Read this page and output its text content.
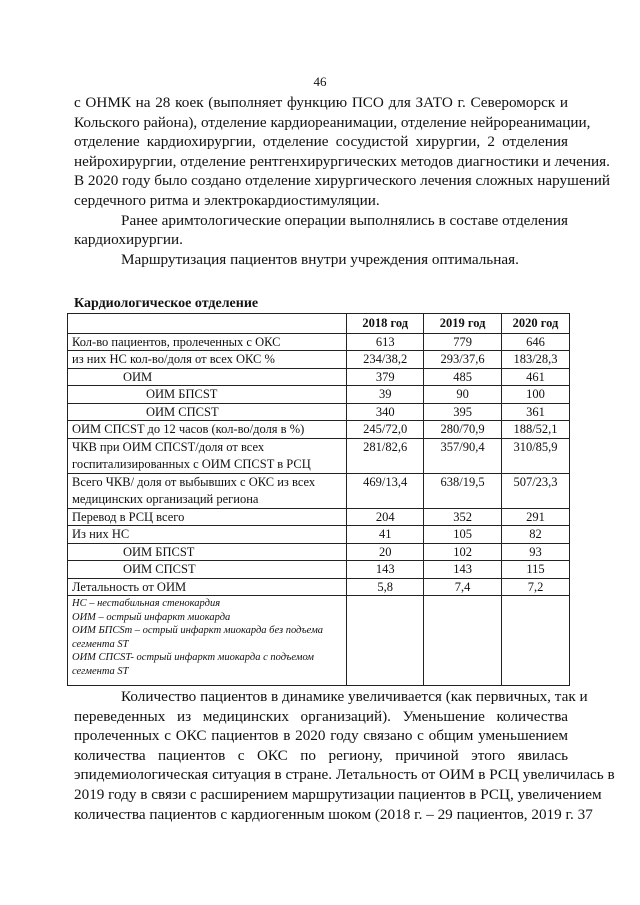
46
с ОНМК на 28 коек (выполняет функцию ПСО для ЗАТО г. Североморск и
Кольского района), отделение кардиореанимации, отделение нейрореанимации,
отделение кардиохирургии, отделение сосудистой хирургии, 2 отделения
нейрохирургии, отделение рентгенхирургических методов диагностики и лечения.
В 2020 году было создано отделение хирургического лечения сложных нарушений
сердечного ритма и электрокардиостимуляции.
Ранее аримтологические операции выполнялись в составе отделения
кардиохирургии.
Маршрутизация пациентов внутри учреждения оптимальная.
Кардиологическое отделение
	2018 год	2019 год	2020 год
Кол-во пациентов, пролеченных с ОКС	613	779	646
из них НС кол-во/доля от всех ОКС %	234/38,2	293/37,6	183/28,3
ОИМ	379	485	461
ОИМ БПCST	39	90	100
ОИМ СПCST	340	395	361
ОИМ СПCST до 12 часов (кол-во/доля в %)	245/72,0	280/70,9	188/52,1
ЧКВ при ОИМ СПСST/доля от всех госпитализированных с ОИМ СПCST в РСЦ	281/82,6	357/90,4	310/85,9
Всего ЧКВ/ доля от выбывших с ОКС из всех медицинских организаций региона	469/13,4	638/19,5	507/23,3
Перевод в РСЦ всего	204	352	291
Из них НС	41	105	82
ОИМ БПCST	20	102	93
ОИМ СПCST	143	143	115
Летальность от ОИМ	5,8	7,4	7,2

НС – нестабильная стенокардия
ОИМ – острый инфаркт миокарда
ОИМ БПCSт – острый инфаркт миокарда без подъема сегмента ST
ОИМ СПCST- острый инфаркт миокарда с подъемом сегмента ST			

Количество пациентов в динамике увеличивается (как первичных, так и
переведенных из медицинских организаций). Уменьшение количества
пролеченных с ОКС пациентов в 2020 году связано с общим уменьшением
количества пациентов с ОКС по региону, причиной этого явилась
эпидемиологическая ситуация в стране. Летальность от ОИМ в РСЦ увеличилась в
2019 году в связи с расширением маршрутизации пациентов в РСЦ, увеличением
количества пациентов с кардиогенным шоком (2018 г. – 29 пациентов, 2019 г. 37
